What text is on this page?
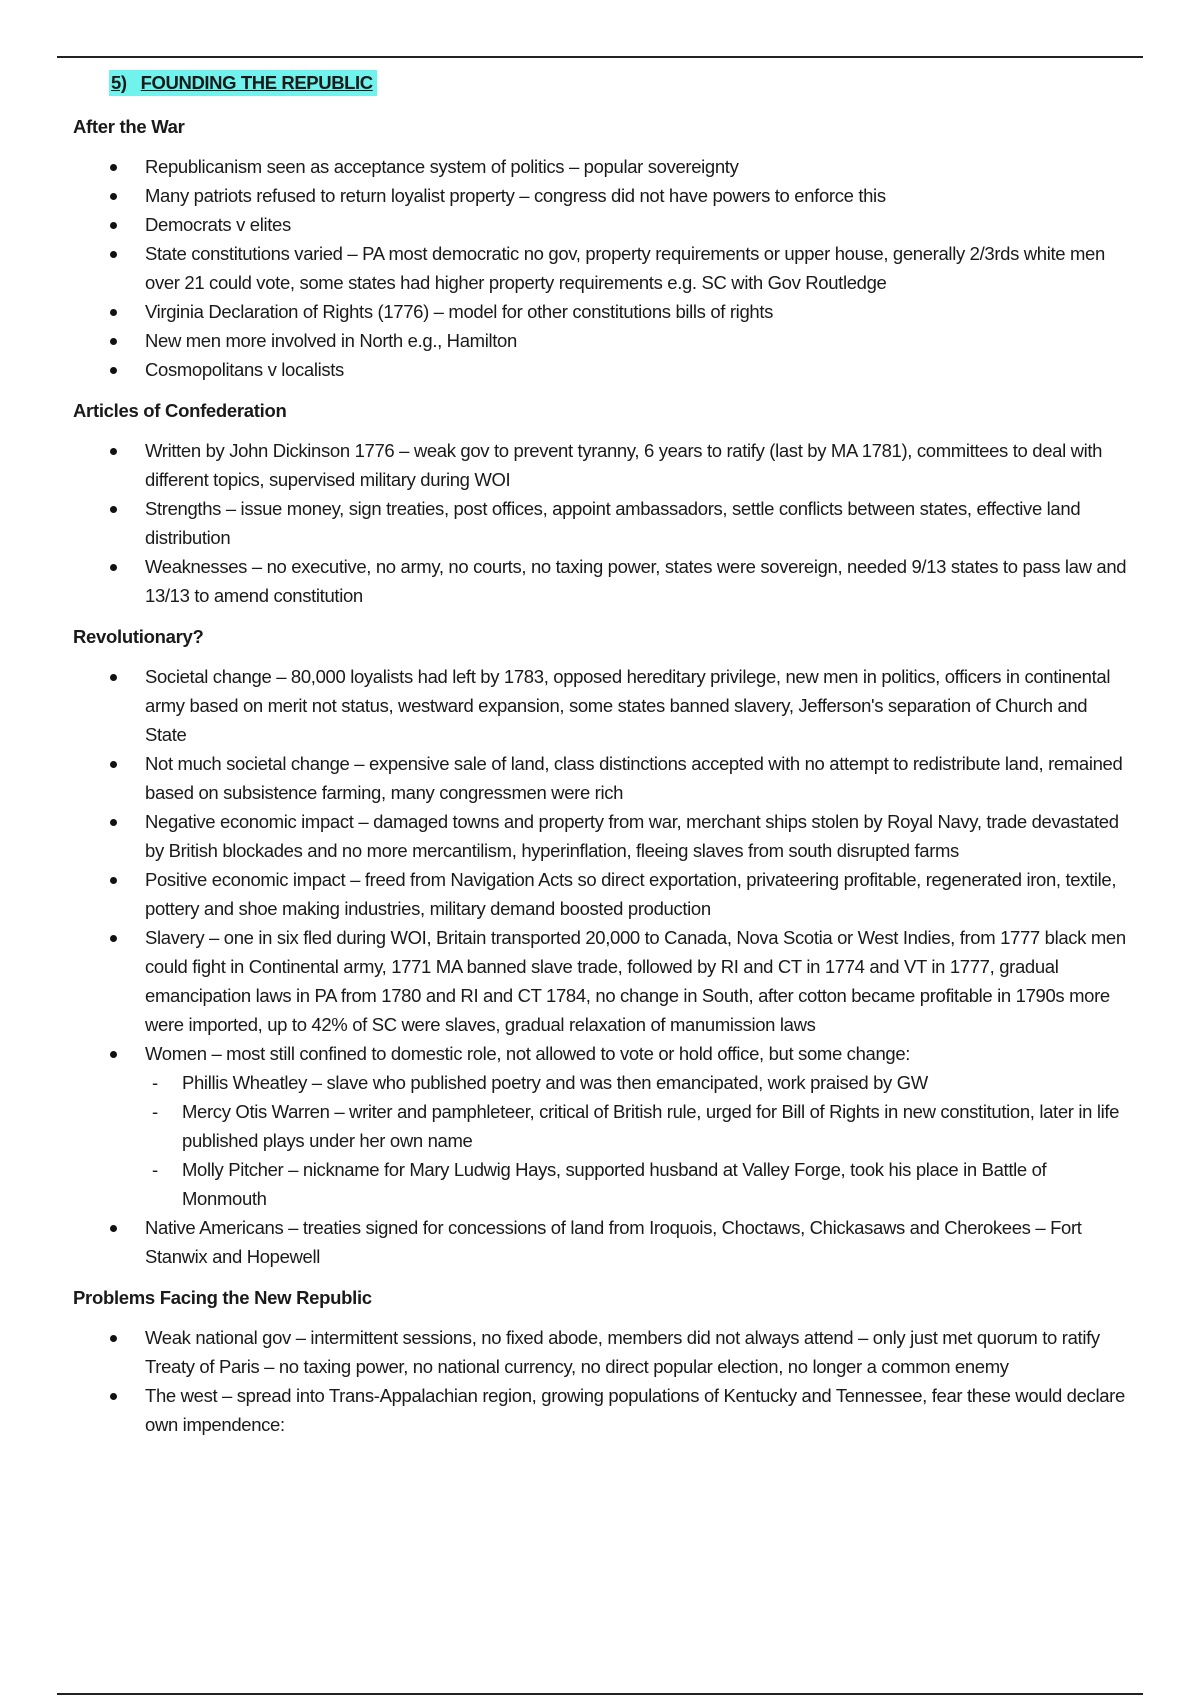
5) FOUNDING THE REPUBLIC
After the War
Republicanism seen as acceptance system of politics – popular sovereignty
Many patriots refused to return loyalist property – congress did not have powers to enforce this
Democrats v elites
State constitutions varied – PA most democratic no gov, property requirements or upper house, generally 2/3rds white men over 21 could vote, some states had higher property requirements e.g. SC with Gov Routledge
Virginia Declaration of Rights (1776) – model for other constitutions bills of rights
New men more involved in North e.g., Hamilton
Cosmopolitans v localists
Articles of Confederation
Written by John Dickinson 1776 – weak gov to prevent tyranny, 6 years to ratify (last by MA 1781), committees to deal with different topics, supervised military during WOI
Strengths – issue money, sign treaties, post offices, appoint ambassadors, settle conflicts between states, effective land distribution
Weaknesses – no executive, no army, no courts, no taxing power, states were sovereign, needed 9/13 states to pass law and 13/13 to amend constitution
Revolutionary?
Societal change – 80,000 loyalists had left by 1783, opposed hereditary privilege, new men in politics, officers in continental army based on merit not status, westward expansion, some states banned slavery, Jefferson's separation of Church and State
Not much societal change – expensive sale of land, class distinctions accepted with no attempt to redistribute land, remained based on subsistence farming, many congressmen were rich
Negative economic impact – damaged towns and property from war, merchant ships stolen by Royal Navy, trade devastated by British blockades and no more mercantilism, hyperinflation, fleeing slaves from south disrupted farms
Positive economic impact – freed from Navigation Acts so direct exportation, privateering profitable, regenerated iron, textile, pottery and shoe making industries, military demand boosted production
Slavery – one in six fled during WOI, Britain transported 20,000 to Canada, Nova Scotia or West Indies, from 1777 black men could fight in Continental army, 1771 MA banned slave trade, followed by RI and CT in 1774 and VT in 1777, gradual emancipation laws in PA from 1780 and RI and CT 1784, no change in South, after cotton became profitable in 1790s more were imported, up to 42% of SC were slaves, gradual relaxation of manumission laws
Women – most still confined to domestic role, not allowed to vote or hold office, but some change:
- Phillis Wheatley – slave who published poetry and was then emancipated, work praised by GW
- Mercy Otis Warren – writer and pamphleteer, critical of British rule, urged for Bill of Rights in new constitution, later in life published plays under her own name
- Molly Pitcher – nickname for Mary Ludwig Hays, supported husband at Valley Forge, took his place in Battle of Monmouth
Native Americans – treaties signed for concessions of land from Iroquois, Choctaws, Chickasaws and Cherokees – Fort Stanwix and Hopewell
Problems Facing the New Republic
Weak national gov – intermittent sessions, no fixed abode, members did not always attend – only just met quorum to ratify Treaty of Paris – no taxing power, no national currency, no direct popular election, no longer a common enemy
The west – spread into Trans-Appalachian region, growing populations of Kentucky and Tennessee, fear these would declare own impendence:
